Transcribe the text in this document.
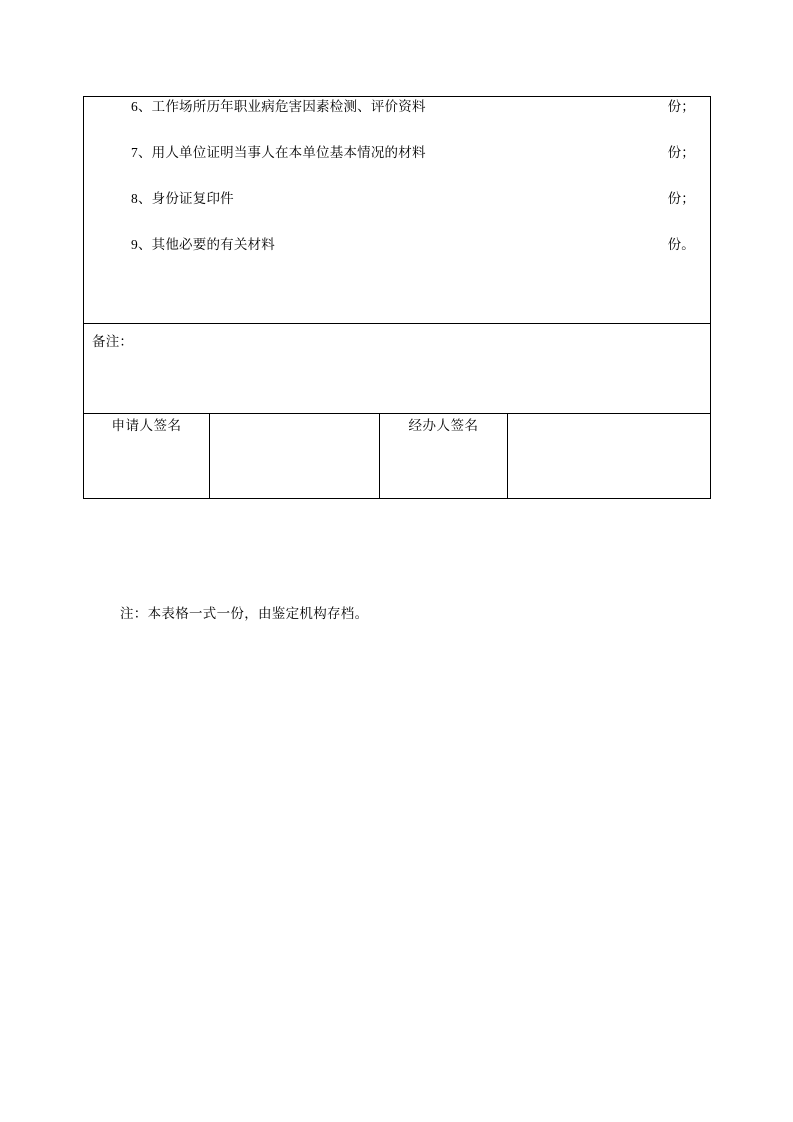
6、工作场所历年职业病危害因素检测、评价资料	份；
7、用人单位证明当事人在本单位基本情况的材料	份；
8、身份证复印件	份；
9、其他必要的有关材料	份。

备注：

申请人签名		经办人签名	
注：本表格一式一份，由鉴定机构存档。
